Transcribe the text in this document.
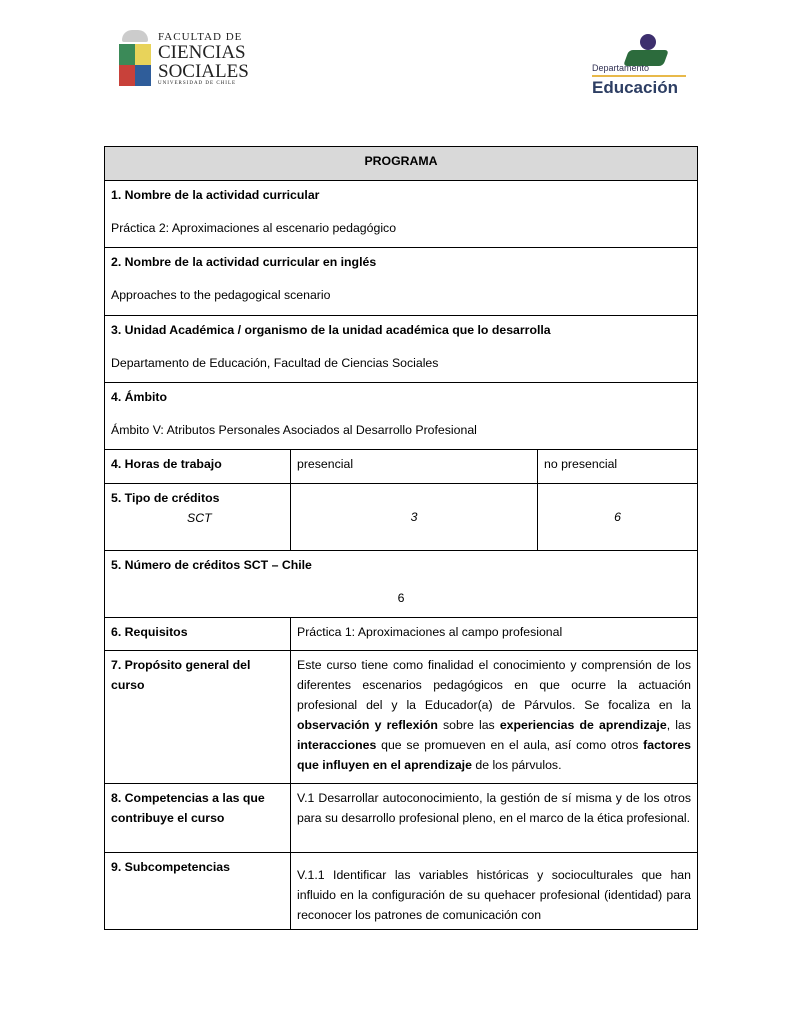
FACULTAD DE
CIENCIAS
SOCIALES
UNIVERSIDAD DE CHILE
Departamento
Educación
PROGRAMA		

1. Nombre de la actividad curricular

Práctica 2: Aproximaciones al escenario pedagógico		

2. Nombre de la actividad curricular en inglés

Approaches to the pedagogical scenario		

3. Unidad Académica / organismo de la unidad académica que lo desarrolla

Departamento de Educación, Facultad de Ciencias Sociales		

4. Ámbito

Ámbito V: Atributos Personales Asociados al Desarrollo Profesional		

4. Horas de trabajo	presencial	no presencial

5. Tipo de créditos

SCT	3	6

5. Número de créditos SCT – Chile

6		

6. Requisitos	Práctica 1: Aproximaciones al campo profesional	
7. Propósito general del curso	Este curso tiene como finalidad el conocimiento y comprensión de los diferentes escenarios pedagógicos en que ocurre la actuación profesional del y la Educador(a) de Párvulos. Se focaliza en la observación y reflexión sobre las experiencias de aprendizaje, las interacciones que se promueven en el aula, así como otros factores que influyen en el aprendizaje de los párvulos.	
8. Competencias a las que contribuye el curso	V.1 Desarrollar autoconocimiento, la gestión de sí misma y de los otros para su desarrollo profesional pleno, en el marco de la ética profesional.	
9. Subcompetencias	V.1.1 Identificar las variables históricas y socioculturales que han influido en la configuración de su quehacer profesional (identidad) para reconocer los patrones de comunicación con	
